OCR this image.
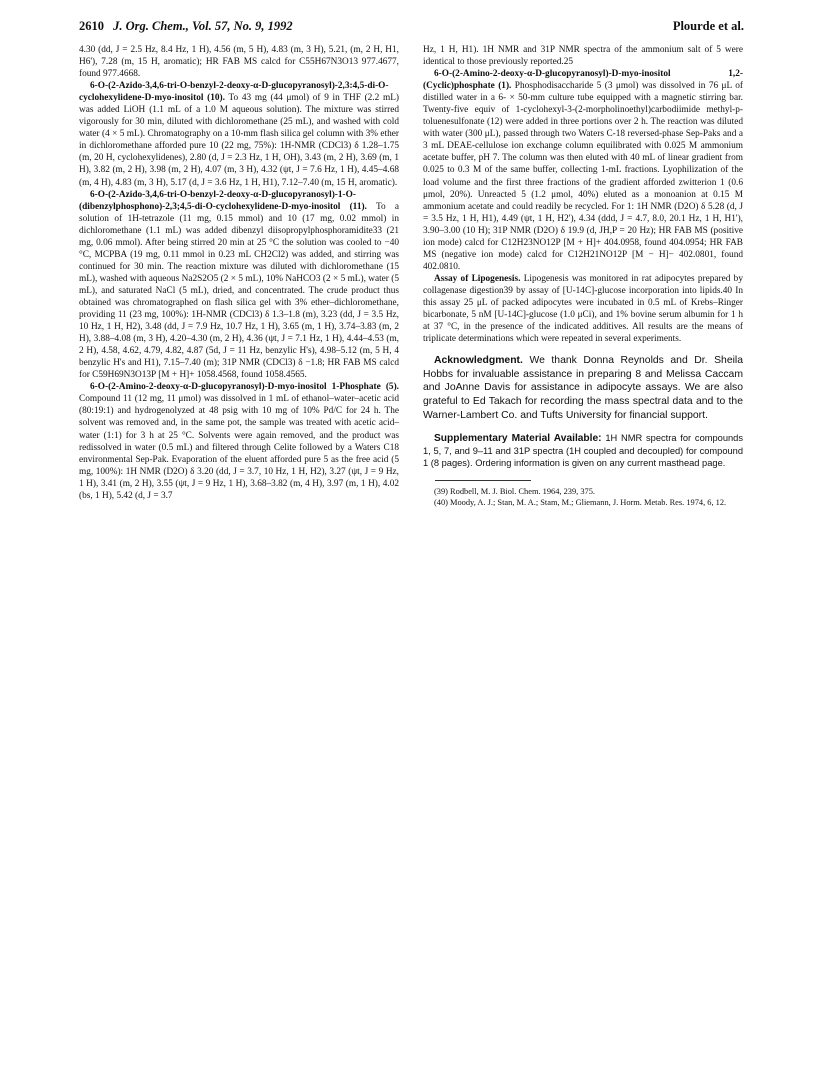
2610 J. Org. Chem., Vol. 57, No. 9, 1992	Plourde et al.

4.30 (dd, J = 2.5 Hz, 8.4 Hz, 1 H), 4.56 (m, 5 H), 4.83 (m, 3 H), 5.21, (m, 2 H, H1, H6'), 7.28 (m, 15 H, aromatic); HR FAB MS calcd for C55H67N3O13 977.4677, found 977.4668.

6-O-(2-Azido-3,4,6-tri-O-benzyl-2-deoxy-α-D-glucopyranosyl)-2,3:4,5-di-O-cyclohexylidene-D-myo-inositol (10). To 43 mg (44 μmol) of 9 in THF (2.2 mL) was added LiOH (1.1 mL of a 1.0 M aqueous solution). The mixture was stirred vigorously for 30 min, diluted with dichloromethane (25 mL), and washed with cold water (4 × 5 mL). Chromatography on a 10-mm flash silica gel column with 3% ether in dichloromethane afforded pure 10 (22 mg, 75%): 1H-NMR (CDCl3) δ 1.28–1.75 (m, 20 H, cyclohexylidenes), 2.80 (d, J = 2.3 Hz, 1 H, OH), 3.43 (m, 2 H), 3.69 (m, 1 H), 3.82 (m, 2 H), 3.98 (m, 2 H), 4.07 (m, 3 H), 4.32 (ψt, J = 7.6 Hz, 1 H), 4.45–4.68 (m, 4 H), 4.83 (m, 3 H), 5.17 (d, J = 3.6 Hz, 1 H, H1), 7.12–7.40 (m, 15 H, aromatic).

6-O-(2-Azido-3,4,6-tri-O-benzyl-2-deoxy-α-D-glucopyranosyl)-1-O-(dibenzylphosphono)-2,3;4,5-di-O-cyclohexylidene-D-myo-inositol (11). To a solution of 1H-tetrazole (11 mg, 0.15 mmol) and 10 (17 mg, 0.02 mmol) in dichloromethane (1.1 mL) was added dibenzyl diisopropylphosphoramidite33 (21 mg, 0.06 mmol). After being stirred 20 min at 25 °C the solution was cooled to −40 °C, MCPBA (19 mg, 0.11 mmol in 0.23 mL CH2Cl2) was added, and stirring was continued for 30 min. The reaction mixture was diluted with dichloromethane (15 mL), washed with aqueous Na2S2O5 (2 × 5 mL), 10% NaHCO3 (2 × 5 mL), water (5 mL), and saturated NaCl (5 mL), dried, and concentrated. The crude product thus obtained was chromatographed on flash silica gel with 3% ether–dichloromethane, providing 11 (23 mg, 100%): 1H-NMR (CDCl3) δ 1.3–1.8 (m), 3.23 (dd, J = 3.5 Hz, 10 Hz, 1 H, H2), 3.48 (dd, J = 7.9 Hz, 10.7 Hz, 1 H), 3.65 (m, 1 H), 3.74–3.83 (m, 2 H), 3.88–4.08 (m, 3 H), 4.20–4.30 (m, 2 H), 4.36 (ψt, J = 7.1 Hz, 1 H), 4.44–4.53 (m, 2 H), 4.58, 4.62, 4.79, 4.82, 4.87 (5d, J = 11 Hz, benzylic H's), 4.98–5.12 (m, 5 H, 4 benzylic H's and H1), 7.15–7.40 (m); 31P NMR (CDCl3) δ −1.8; HR FAB MS calcd for C59H69N3O13P [M + H]+ 1058.4568, found 1058.4565.

6-O-(2-Amino-2-deoxy-α-D-glucopyranosyl)-D-myo-inositol 1-Phosphate (5). Compound 11 (12 mg, 11 μmol) was dissolved in 1 mL of ethanol–water–acetic acid (80:19:1) and hydrogenolyzed at 48 psig with 10 mg of 10% Pd/C for 24 h. The solvent was removed and, in the same pot, the sample was treated with acetic acid–water (1:1) for 3 h at 25 °C. Solvents were again removed, and the product was redissolved in water (0.5 mL) and filtered through Celite followed by a Waters C18 environmental Sep-Pak. Evaporation of the eluent afforded pure 5 as the free acid (5 mg, 100%): 1H NMR (D2O) δ 3.20 (dd, J = 3.7, 10 Hz, 1 H, H2), 3.27 (ψt, J = 9 Hz, 1 H), 3.41 (m, 2 H), 3.55 (ψt, J = 9 Hz, 1 H), 3.68–3.82 (m, 4 H), 3.97 (m, 1 H), 4.02 (bs, 1 H), 5.42 (d, J = 3.7

Hz, 1 H, H1). 1H NMR and 31P NMR spectra of the ammonium salt of 5 were identical to those previously reported.25

6-O-(2-Amino-2-deoxy-α-D-glucopyranosyl)-D-myo-inositol 1,2-(Cyclic)phosphate (1). Phosphodisaccharide 5 (3 μmol) was dissolved in 76 μL of distilled water in a 6- × 50-mm culture tube equipped with a magnetic stirring bar. Twenty-five equiv of 1-cyclohexyl-3-(2-morpholinoethyl)carbodiimide methyl-p-toluenesulfonate (12) were added in three portions over 2 h. The reaction was diluted with water (300 μL), passed through two Waters C-18 reversed-phase Sep-Paks and a 3 mL DEAE-cellulose ion exchange column equilibrated with 0.025 M ammonium acetate buffer, pH 7. The column was then eluted with 40 mL of linear gradient from 0.025 to 0.3 M of the same buffer, collecting 1-mL fractions. Lyophilization of the load volume and the first three fractions of the gradient afforded zwitterion 1 (0.6 μmol, 20%). Unreacted 5 (1.2 μmol, 40%) eluted as a monoanion at 0.15 M ammonium acetate and could readily be recycled. For 1: 1H NMR (D2O) δ 5.28 (d, J = 3.5 Hz, 1 H, H1), 4.49 (ψt, 1 H, H2'), 4.34 (ddd, J = 4.7, 8.0, 20.1 Hz, 1 H, H1'), 3.90–3.00 (10 H); 31P NMR (D2O) δ 19.9 (d, JH,P = 20 Hz); HR FAB MS (positive ion mode) calcd for C12H23NO12P [M + H]+ 404.0958, found 404.0954; HR FAB MS (negative ion mode) calcd for C12H21NO12P [M − H]− 402.0801, found 402.0810.

Assay of Lipogenesis. Lipogenesis was monitored in rat adipocytes prepared by collagenase digestion39 by assay of [U-14C]-glucose incorporation into lipids.40 In this assay 25 μL of packed adipocytes were incubated in 0.5 mL of Krebs–Ringer bicarbonate, 5 nM [U-14C]-glucose (1.0 μCi), and 1% bovine serum albumin for 1 h at 37 °C, in the presence of the indicated additives. All results are the means of triplicate determinations which were repeated in several experiments.

Acknowledgment. We thank Donna Reynolds and Dr. Sheila Hobbs for invaluable assistance in preparing 8 and Melissa Caccam and JoAnne Davis for assistance in adipocyte assays. We are also grateful to Ed Takach for recording the mass spectral data and to the Warner-Lambert Co. and Tufts University for financial support.

Supplementary Material Available: 1H NMR spectra for compounds 1, 5, 7, and 9–11 and 31P spectra (1H coupled and decoupled) for compound 1 (8 pages). Ordering information is given on any current masthead page.

(39) Rodbell, M. J. Biol. Chem. 1964, 239, 375.

(40) Moody, A. J.; Stan, M. A.; Stam, M.; Gliemann, J. Horm. Metab. Res. 1974, 6, 12.
